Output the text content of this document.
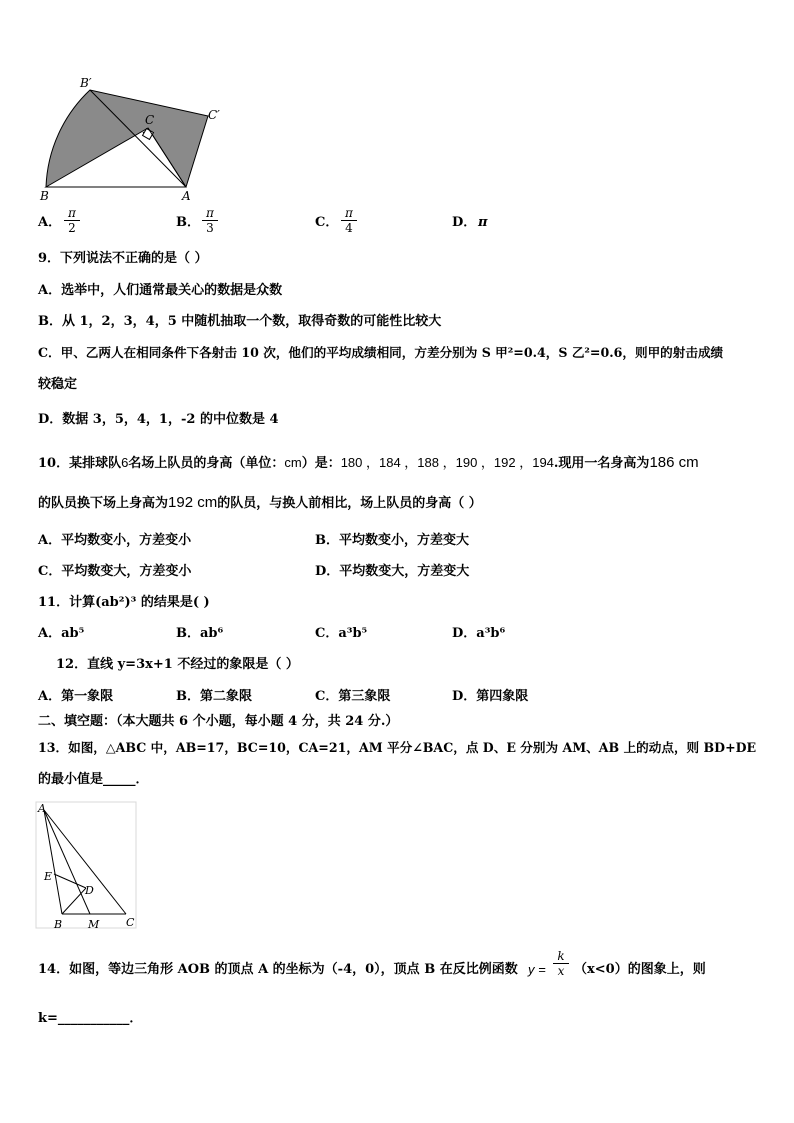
B′
C′
C
B	A
A． $\frac{\pi}{2}$	B． $\frac{\pi}{3}$	C． $\frac{\pi}{4}$	D． π
9．下列说法不正确的是（ ）
A．选举中，人们通常最关心的数据是众数
B．从 1，2，3，4，5 中随机抽取一个数，取得奇数的可能性比较大
C．甲、乙两人在相同条件下各射击 10 次，他们的平均成绩相同，方差分别为 S 甲²=0.4，S 乙²=0.6，则甲的射击成绩
较稳定
D．数据 3，5，4，1，-2 的中位数是 4
10．某排球队6名场上队员的身高（单位：cm）是：180 ，184 ，188 ，190 ，192 ，194.现用一名身高为186 cm
的队员换下场上身高为192 cm的队员，与换人前相比，场上队员的身高（ ）
A．平均数变小，方差变小	B．平均数变小，方差变大
C．平均数变大，方差变小	D．平均数变大，方差变大
11．计算(ab²)³ 的结果是( )
A．ab⁵	B．ab⁶	C．a³b⁵	D．a³b⁶
12．直线 y=3x+1 不经过的象限是（ ）
A．第一象限	B．第二象限	C．第三象限	D．第四象限
二、填空题：（本大题共 6 个小题，每小题 4 分，共 24 分.）
13．如图，△ABC 中，AB=17，BC=10，CA=21，AM 平分∠BAC，点 D、E 分别为 AM、AB 上的动点，则 BD+DE
的最小值是_____．
A
E
D
B M C
14．如图，等边三角形 AOB 的顶点 A 的坐标为（-4，0），顶点 B 在反比例函数 $y = \frac{k}{x} (x<0)$的图象上，则
k=___________．
